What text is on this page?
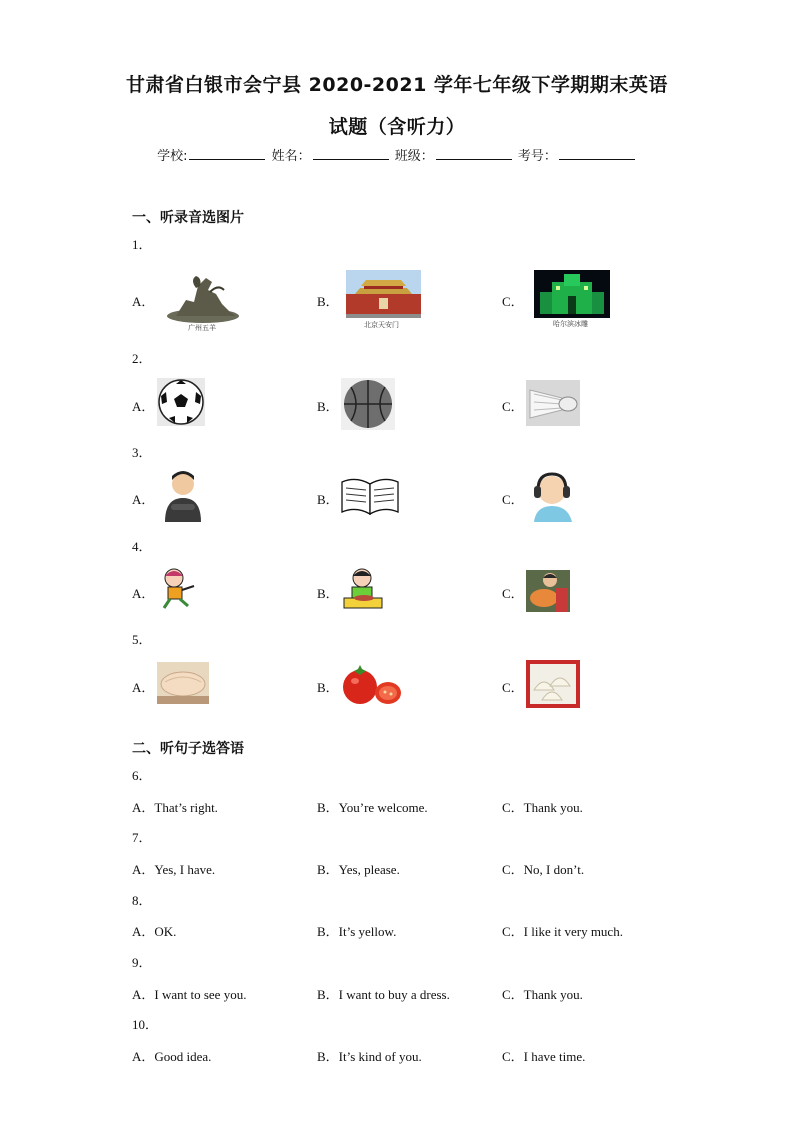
甘肃省白银市会宁县 2020-2021 学年七年级下学期期末英语
试题（含听力）
学校:	姓名：	班级：	考号：
一、听录音选图片
1．
A．
广州五羊
B．
北京天安门
C．
哈尔滨冰雕
2．
A．	B．	C．
3．
A．	B．	C．
4．
A．	B．	C．
5．
A．	B．	C．
二、听句子选答语
6．
A．That’s right.	B．You’re welcome.	C．Thank you.
7．
A．Yes, I have.	B．Yes, please.	C．No, I don’t.
8．
A．OK.	B．It’s yellow.	C．I like it very much.
9．
A．I want to see you.	B．I want to buy a dress.	C．Thank you.
10．
A．Good idea.	B．It’s kind of you.	C．I have time.
